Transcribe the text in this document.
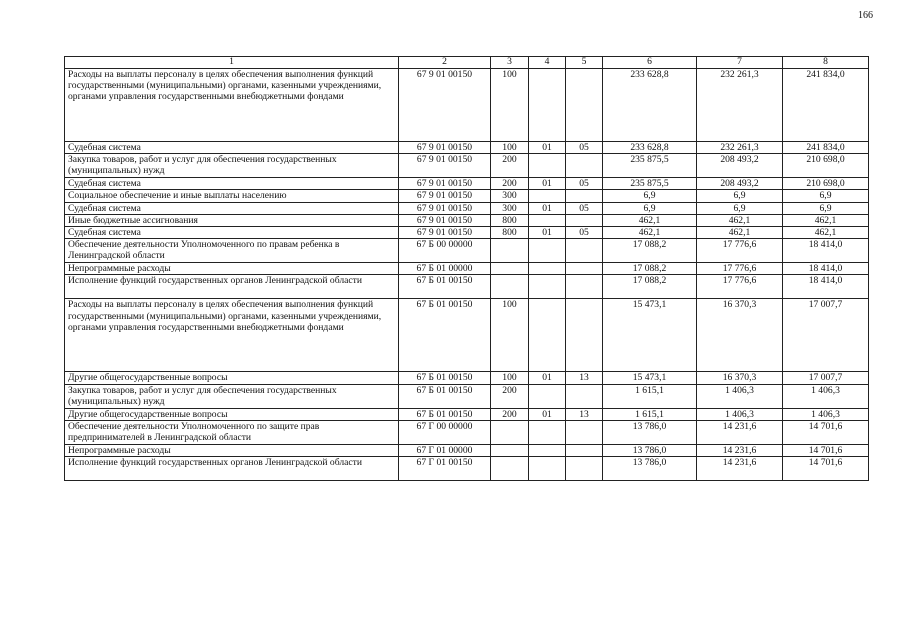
166
1	2	3	4	5	6	7	8
Расходы на выплаты персоналу в целях обеспечения выполнения функций государственными (муниципальными) органами, казенными учреждениями, органами управления государственными внебюджетными фондами	67 9 01 00150	100			233 628,8	232 261,3	241 834,0
Судебная система	67 9 01 00150	100	01	05	233 628,8	232 261,3	241 834,0
Закупка товаров, работ и услуг для обеспечения государственных (муниципальных) нужд	67 9 01 00150	200			235 875,5	208 493,2	210 698,0
Судебная система	67 9 01 00150	200	01	05	235 875,5	208 493,2	210 698,0
Социальное обеспечение и иные выплаты населению	67 9 01 00150	300			6,9	6,9	6,9
Судебная система	67 9 01 00150	300	01	05	6,9	6,9	6,9
Иные бюджетные ассигнования	67 9 01 00150	800			462,1	462,1	462,1
Судебная система	67 9 01 00150	800	01	05	462,1	462,1	462,1
Обеспечение деятельности Уполномоченного по правам ребенка в Ленинградской области	67 Б 00 00000				17 088,2	17 776,6	18 414,0
Непрограммные расходы	67 Б 01 00000				17 088,2	17 776,6	18 414,0
Исполнение функций государственных органов Ленинградской области	67 Б 01 00150				17 088,2	17 776,6	18 414,0
Расходы на выплаты персоналу в целях обеспечения выполнения функций государственными (муниципальными) органами, казенными учреждениями, органами управления государственными внебюджетными фондами	67 Б 01 00150	100			15 473,1	16 370,3	17 007,7
Другие общегосударственные вопросы	67 Б 01 00150	100	01	13	15 473,1	16 370,3	17 007,7
Закупка товаров, работ и услуг для обеспечения государственных (муниципальных) нужд	67 Б 01 00150	200			1 615,1	1 406,3	1 406,3
Другие общегосударственные вопросы	67 Б 01 00150	200	01	13	1 615,1	1 406,3	1 406,3
Обеспечение деятельности Уполномоченного по защите прав предпринимателей в Ленинградской области	67 Г 00 00000				13 786,0	14 231,6	14 701,6
Непрограммные расходы	67 Г 01 00000				13 786,0	14 231,6	14 701,6
Исполнение функций государственных органов Ленинградской области	67 Г 01 00150				13 786,0	14 231,6	14 701,6
